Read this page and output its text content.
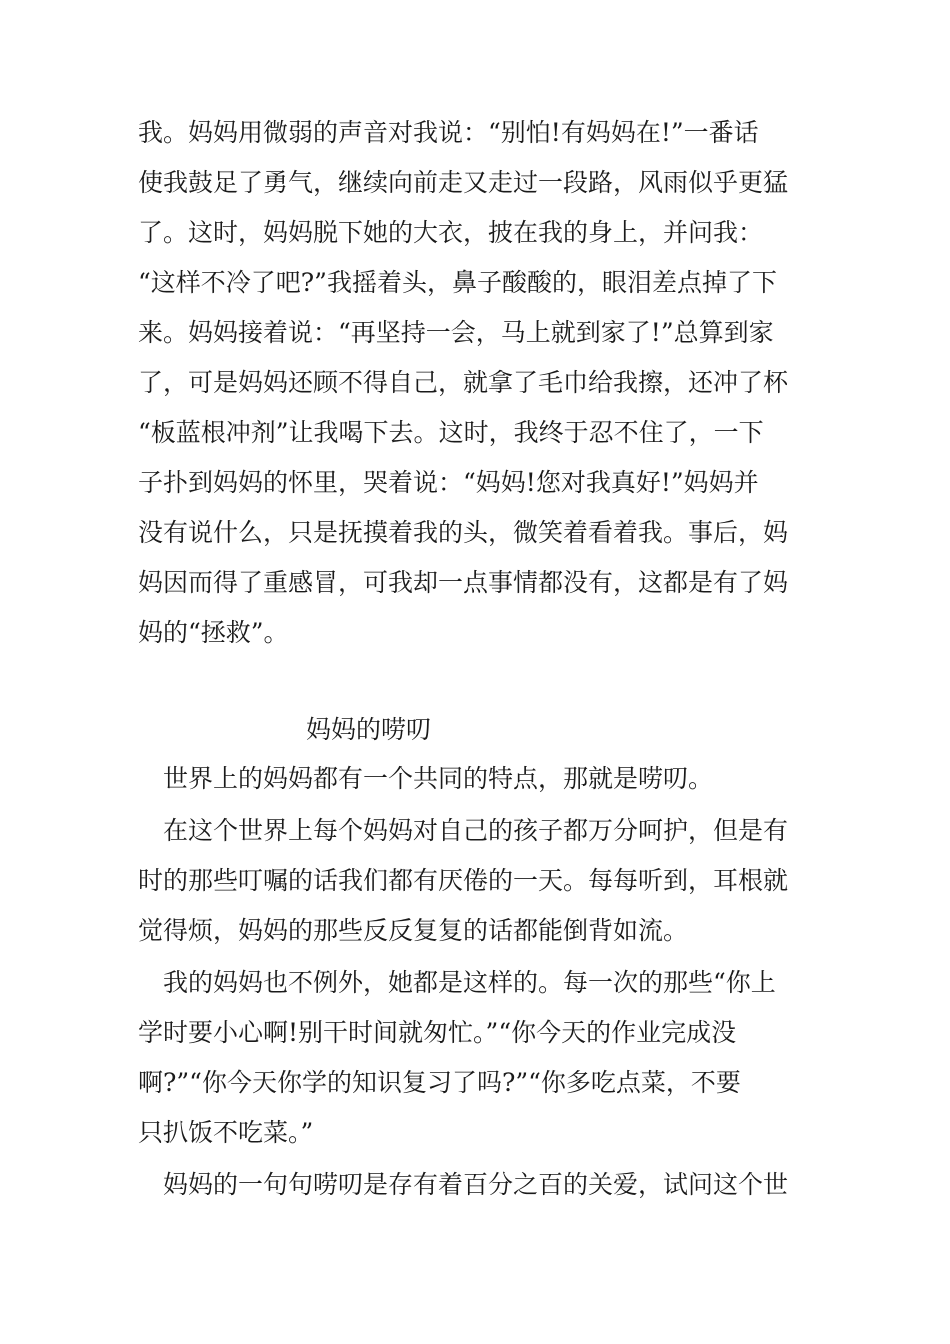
我。妈妈用微弱的声音对我说：“别怕!有妈妈在!”一番话
使我鼓足了勇气，继续向前走又走过一段路，风雨似乎更猛
了。这时，妈妈脱下她的大衣，披在我的身上，并问我：
“这样不冷了吧?”我摇着头，鼻子酸酸的，眼泪差点掉了下
来。妈妈接着说：“再坚持一会，马上就到家了!”总算到家
了，可是妈妈还顾不得自己，就拿了毛巾给我擦，还冲了杯
“板蓝根冲剂”让我喝下去。这时，我终于忍不住了，一下
子扑到妈妈的怀里，哭着说：“妈妈!您对我真好!”妈妈并
没有说什么，只是抚摸着我的头，微笑着看着我。事后，妈
妈因而得了重感冒，可我却一点事情都没有，这都是有了妈
妈的“拯救”。
妈妈的唠叨
　世界上的妈妈都有一个共同的特点，那就是唠叨。
　在这个世界上每个妈妈对自己的孩子都万分呵护，但是有
时的那些叮嘱的话我们都有厌倦的一天。每每听到，耳根就
觉得烦，妈妈的那些反反复复的话都能倒背如流。
　我的妈妈也不例外，她都是这样的。每一次的那些“你上
学时要小心啊!别干时间就匆忙。”“你今天的作业完成没
啊?”“你今天你学的知识复习了吗?”“你多吃点菜，不要
只扒饭不吃菜。”
　妈妈的一句句唠叨是存有着百分之百的关爱，试问这个世
